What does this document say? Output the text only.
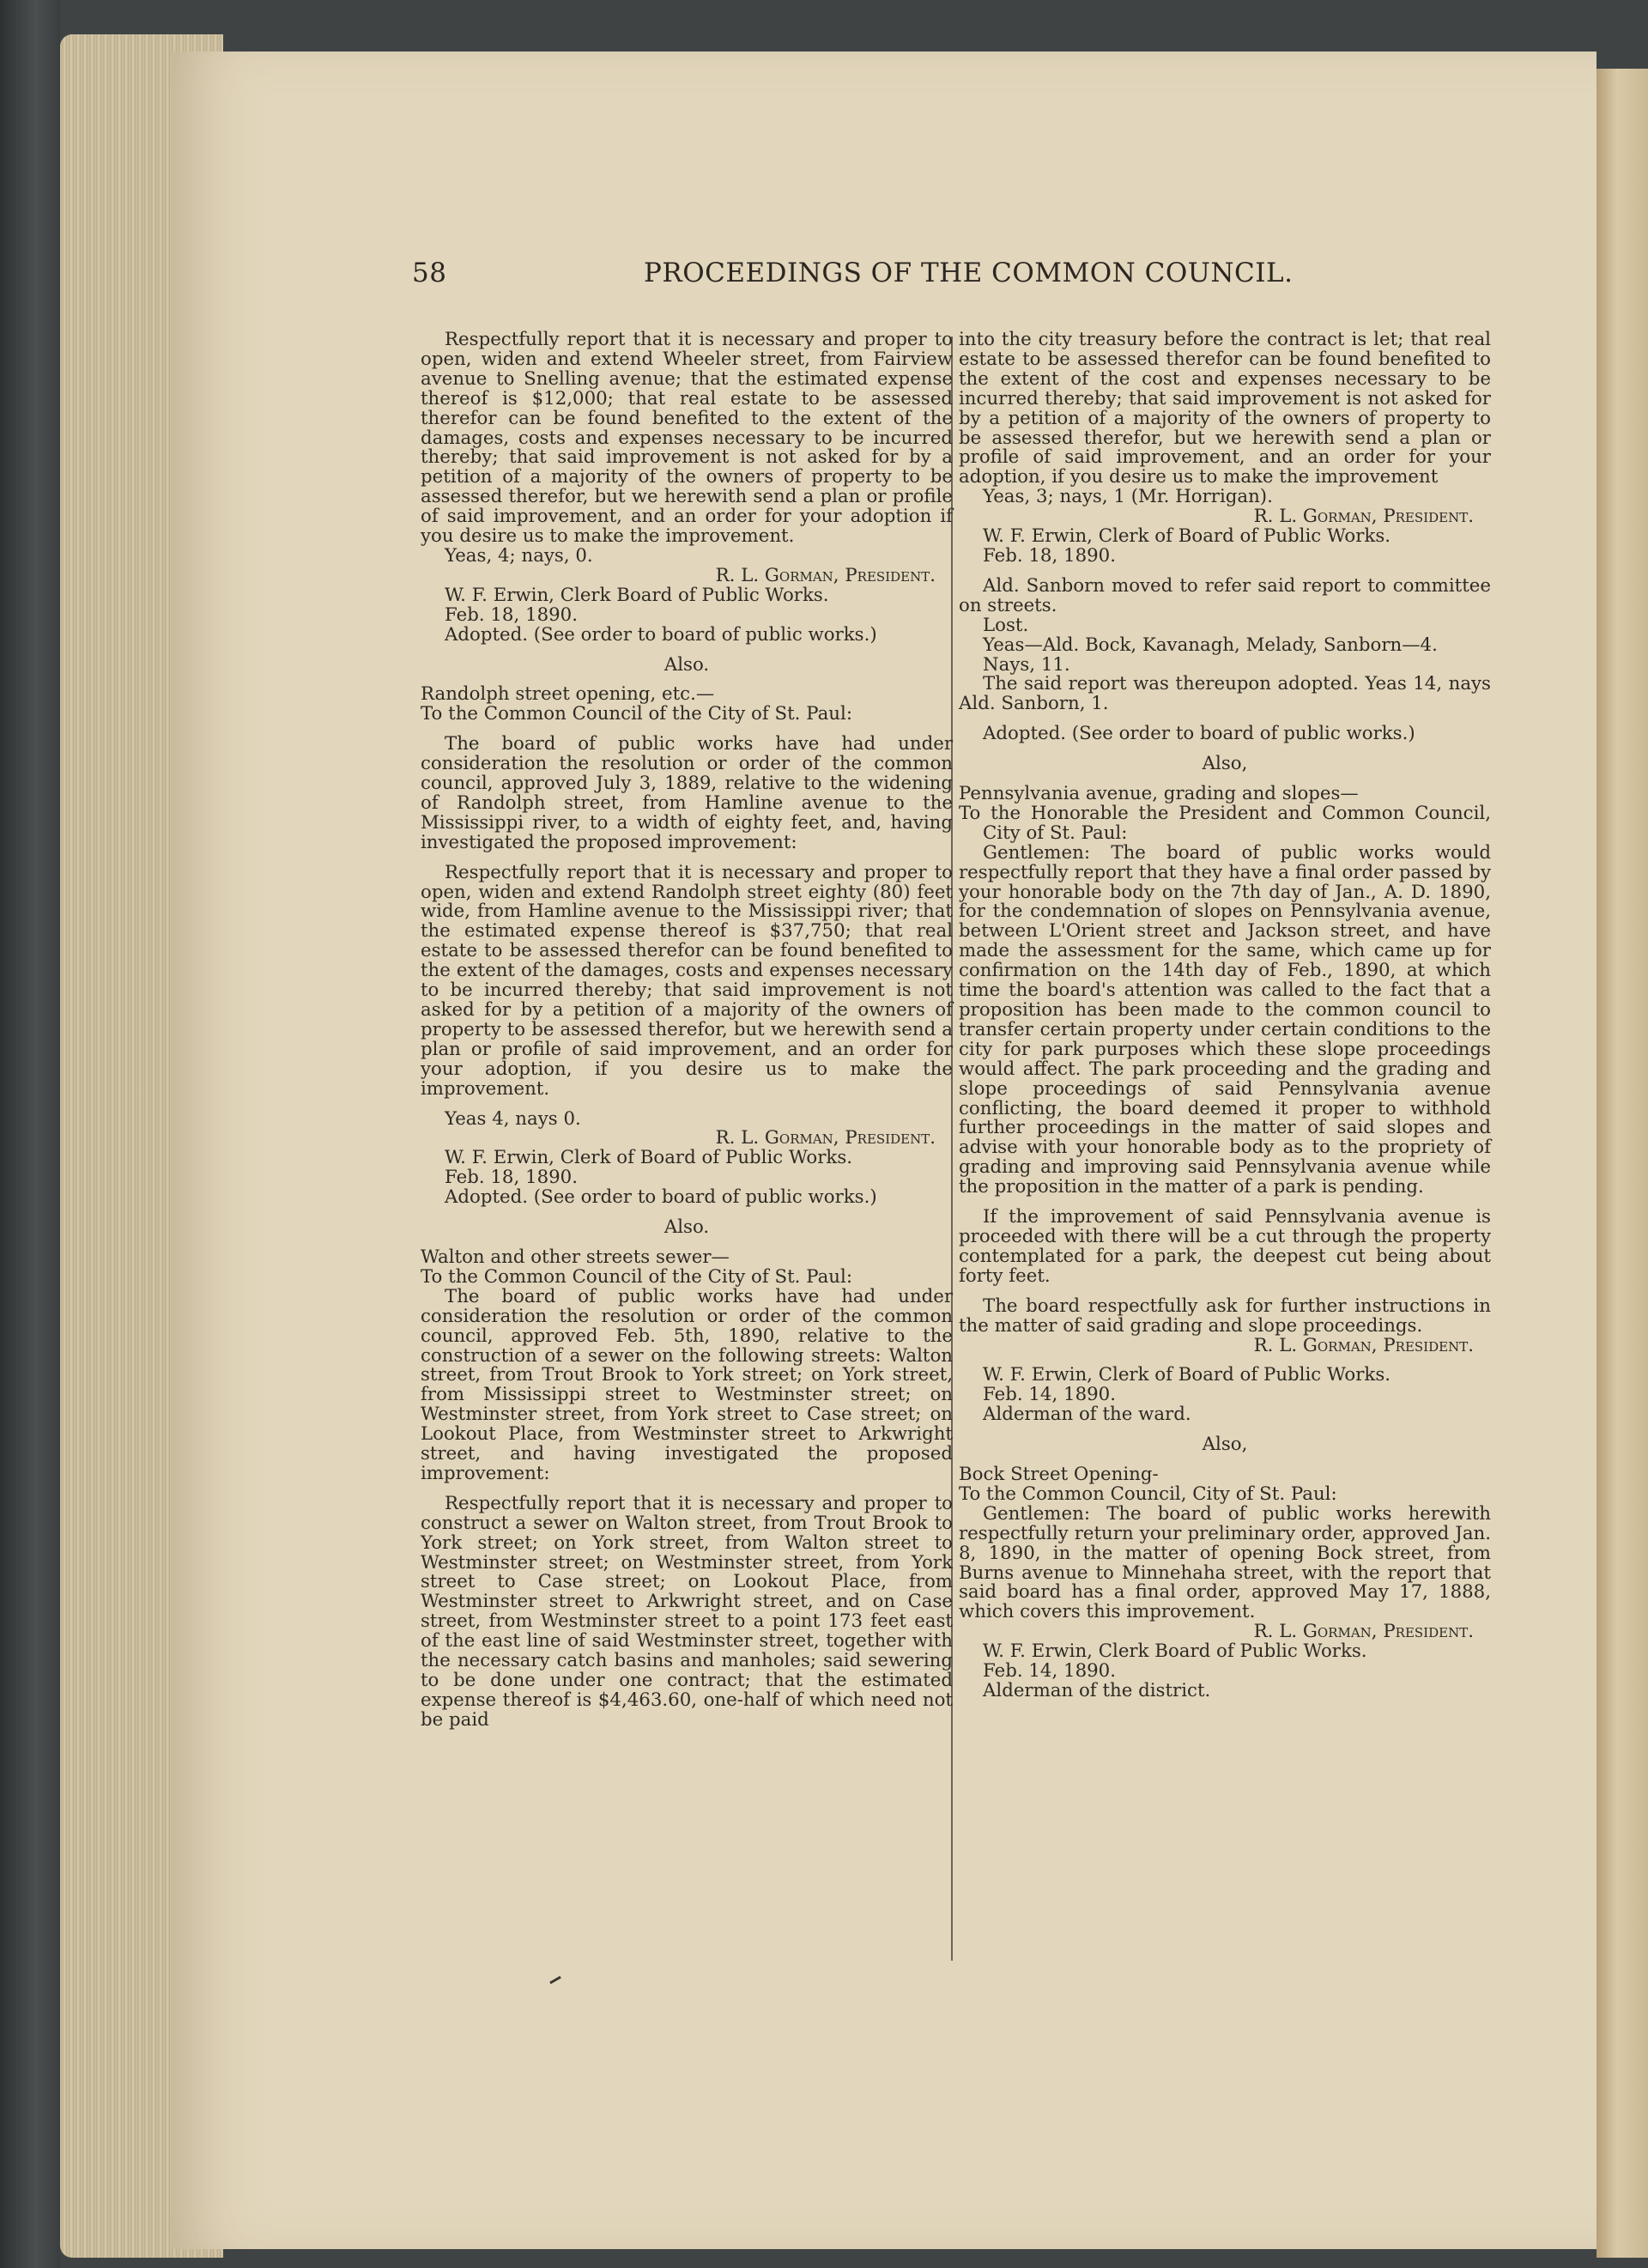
58	PROCEEDINGS OF THE COMMON COUNCIL.

Respectfully report that it is necessary and proper to open, widen and extend Wheeler street, from Fairview avenue to Snelling avenue; that the estimated expense thereof is $12,000; that real estate to be assessed therefor can be found benefited to the extent of the damages, costs and expenses necessary to be incurred thereby; that said improvement is not asked for by a petition of a majority of the owners of property to be assessed therefor, but we herewith send a plan or profile of said improvement, and an order for your adoption if you desire us to make the improvement.

Yeas, 4; nays, 0.

R. L. Gorman, President.

W. F. Erwin, Clerk Board of Public Works.

Feb. 18, 1890.

Adopted. (See order to board of public works.)

Also.

Randolph street opening, etc.—

To the Common Council of the City of St. Paul:

The board of public works have had under consideration the resolution or order of the common council, approved July 3, 1889, relative to the widening of Randolph street, from Hamline avenue to the Mississippi river, to a width of eighty feet, and, having investigated the proposed improvement:

Respectfully report that it is necessary and proper to open, widen and extend Randolph street eighty (80) feet wide, from Hamline avenue to the Mississippi river; that the estimated expense thereof is $37,750; that real estate to be assessed therefor can be found benefited to the extent of the damages, costs and expenses necessary to be incurred thereby; that said improvement is not asked for by a petition of a majority of the owners of property to be assessed therefor, but we herewith send a plan or profile of said improvement, and an order for your adoption, if you desire us to make the improvement.

Yeas 4, nays 0.

R. L. Gorman, President.

W. F. Erwin, Clerk of Board of Public Works.

Feb. 18, 1890.

Adopted. (See order to board of public works.)

Also.

Walton and other streets sewer—

To the Common Council of the City of St. Paul:

The board of public works have had under consideration the resolution or order of the common council, approved Feb. 5th, 1890, relative to the construction of a sewer on the following streets: Walton street, from Trout Brook to York street; on York street, from Mississippi street to Westminster street; on Westminster street, from York street to Case street; on Lookout Place, from Westminster street to Arkwright street, and having investigated the proposed improvement:

Respectfully report that it is necessary and proper to construct a sewer on Walton street, from Trout Brook to York street; on York street, from Walton street to Westminster street; on Westminster street, from York street to Case street; on Lookout Place, from Westminster street to Arkwright street, and on Case street, from Westminster street to a point 173 feet east of the east line of said Westminster street, together with the necessary catch basins and manholes; said sewering to be done under one contract; that the estimated expense thereof is $4,463.60, one-half of which need not be paid

into the city treasury before the contract is let; that real estate to be assessed therefor can be found benefited to the extent of the cost and expenses necessary to be incurred thereby; that said improvement is not asked for by a petition of a majority of the owners of property to be assessed therefor, but we herewith send a plan or profile of said improvement, and an order for your adoption, if you desire us to make the improvement

Yeas, 3; nays, 1 (Mr. Horrigan).

R. L. Gorman, President.

W. F. Erwin, Clerk of Board of Public Works.

Feb. 18, 1890.

Ald. Sanborn moved to refer said report to committee on streets.

Lost.

Yeas—Ald. Bock, Kavanagh, Melady, Sanborn—4.

Nays, 11.

The said report was thereupon adopted. Yeas 14, nays Ald. Sanborn, 1.

Adopted. (See order to board of public works.)

Also,

Pennsylvania avenue, grading and slopes—

To the Honorable the President and Common Council, City of St. Paul:

Gentlemen: The board of public works would respectfully report that they have a final order passed by your honorable body on the 7th day of Jan., A. D. 1890, for the condemnation of slopes on Pennsylvania avenue, between L'Orient street and Jackson street, and have made the assessment for the same, which came up for confirmation on the 14th day of Feb., 1890, at which time the board's attention was called to the fact that a proposition has been made to the common council to transfer certain property under certain conditions to the city for park purposes which these slope proceedings would affect. The park proceeding and the grading and slope proceedings of said Pennsylvania avenue conflicting, the board deemed it proper to withhold further proceedings in the matter of said slopes and advise with your honorable body as to the propriety of grading and improving said Pennsylvania avenue while the proposition in the matter of a park is pending.

If the improvement of said Pennsylvania avenue is proceeded with there will be a cut through the property contemplated for a park, the deepest cut being about forty feet.

The board respectfully ask for further instructions in the matter of said grading and slope proceedings.

R. L. Gorman, President.

W. F. Erwin, Clerk of Board of Public Works.

Feb. 14, 1890.

Alderman of the ward.

Also,

Bock Street Opening-

To the Common Council, City of St. Paul:

Gentlemen: The board of public works herewith respectfully return your preliminary order, approved Jan. 8, 1890, in the matter of opening Bock street, from Burns avenue to Minnehaha street, with the report that said board has a final order, approved May 17, 1888, which covers this improvement.

R. L. Gorman, President.

W. F. Erwin, Clerk Board of Public Works.

Feb. 14, 1890.

Alderman of the district.
